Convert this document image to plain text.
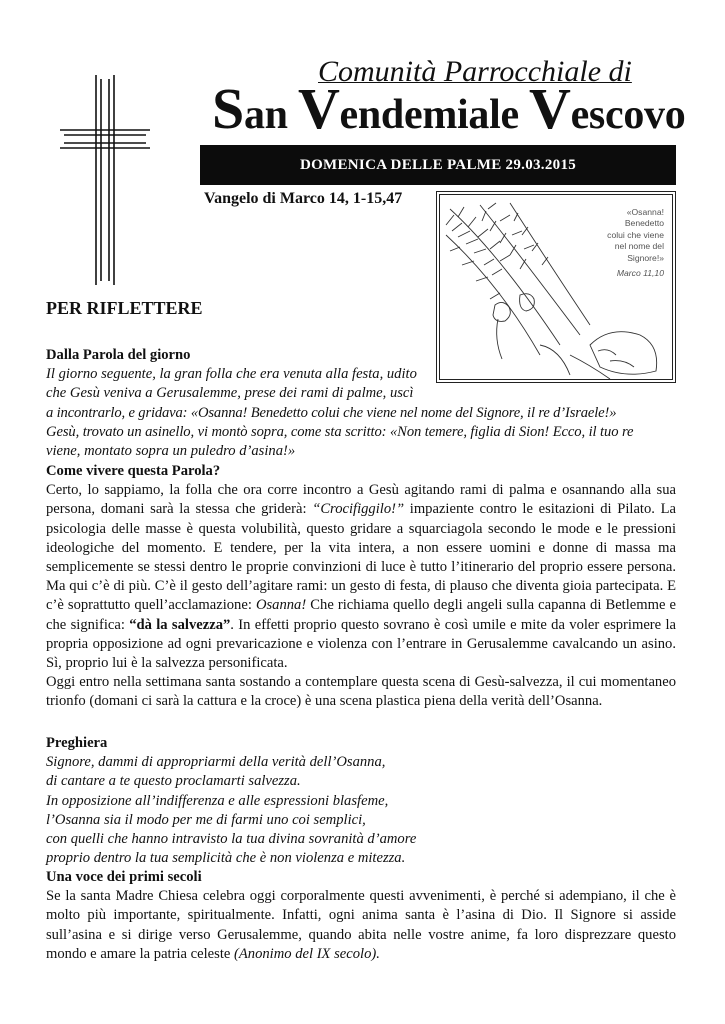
Comunità Parrocchiale di
San Vendemiale Vescovo
DOMENICA DELLE PALME 29.03.2015
Vangelo di Marco 14, 1-15,47
«Osanna!
Benedetto
colui che viene
nel nome del
Signore!»
Marco 11,10
PER RIFLETTERE
Dalla Parola del giorno
Il giorno seguente, la gran folla che era venuta alla festa, udito
che Gesù veniva a Gerusalemme, prese dei rami di palme, uscì
a incontrarlo, e gridava: «Osanna! Benedetto colui che viene nel nome del Signore, il re d’Israele!»
Gesù, trovato un asinello, vi montò sopra, come sta scritto: «Non temere, figlia di Sion! Ecco, il tuo re
viene, montato sopra un puledro d’asina!»
Come vivere questa Parola?
Certo, lo sappiamo, la folla che ora corre incontro a Gesù agitando rami di palma e osannando alla sua persona, domani sarà la stessa che griderà: “Crocifiggilo!” impaziente contro le esitazioni di Pilato. La psicologia delle masse è questa volubilità, questo gridare a squarciagola secondo le mode e le pressioni ideologiche del momento. E tendere, per la vita intera, a non essere uomini e donne di massa ma semplicemente se stessi dentro le proprie convinzioni di luce è tutto l’itinerario del proprio essere persona. Ma qui c’è di più. C’è il gesto dell’agitare rami: un gesto di festa, di plauso che diventa gioia partecipata. E c’è soprattutto quell’acclamazione: Osanna! Che richiama quello degli angeli sulla capanna di Betlemme e che significa: “dà la salvezza”. In effetti proprio questo sovrano è così umile e mite da voler esprimere la propria opposizione ad ogni prevaricazione e violenza con l’entrare in Gerusalemme cavalcando un asino. Sì, proprio lui è la salvezza personificata.
Oggi entro nella settimana santa sostando a contemplare questa scena di Gesù-salvezza, il cui momentaneo trionfo (domani ci sarà la cattura e la croce) è una scena plastica piena della verità dell’Osanna.
Preghiera
Signore, dammi di appropriarmi della verità dell’Osanna,
di cantare a te questo proclamarti salvezza.
In opposizione all’indifferenza e alle espressioni blasfeme,
l’Osanna sia il modo per me di farmi uno coi semplici,
con quelli che hanno intravisto la tua divina sovranità d’amore
proprio dentro la tua semplicità che è non violenza e mitezza.
Una voce dei primi secoli
Se la santa Madre Chiesa celebra oggi corporalmente questi avvenimenti, è perché si adempiano, il che è molto più importante, spiritualmente. Infatti, ogni anima santa è l’asina di Dio. Il Signore si asside sull’asina e si dirige verso Gerusalemme, quando abita nelle vostre anime, fa loro disprezzare questo mondo e amare la patria celeste (Anonimo del IX secolo).
